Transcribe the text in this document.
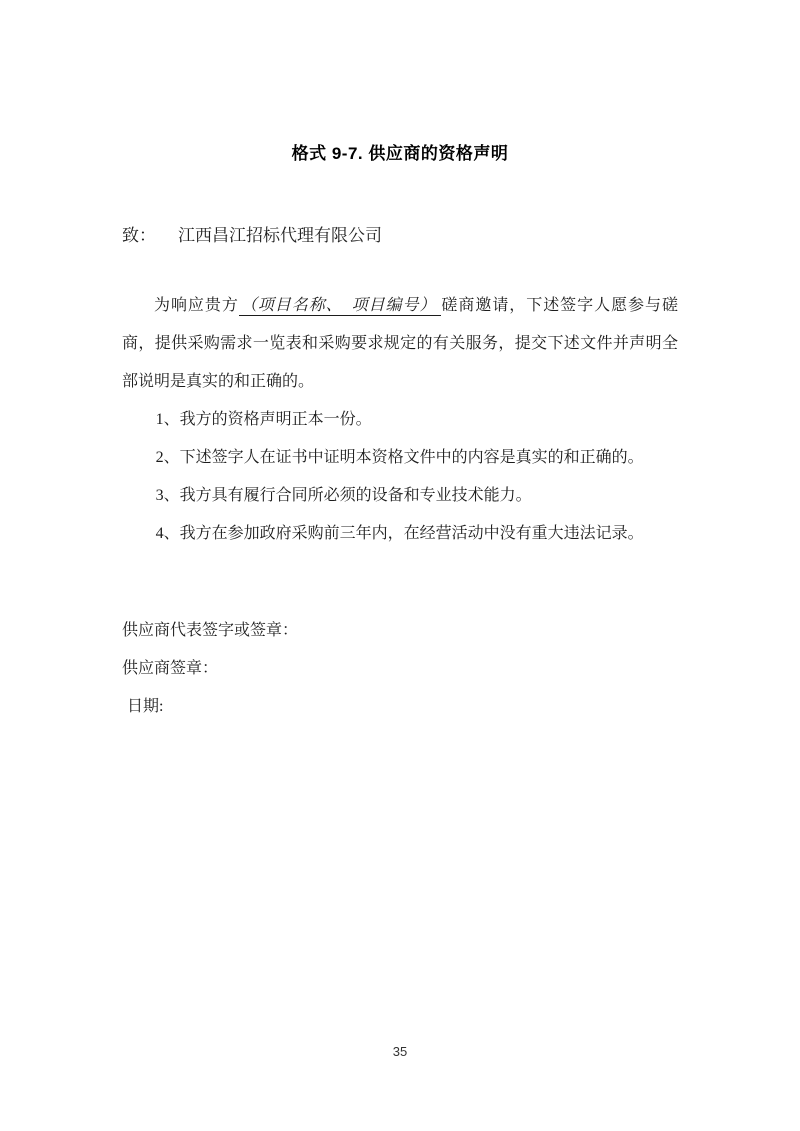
格式 9-7. 供应商的资格声明
致： 江西昌江招标代理有限公司

为响应贵方 （项目名称、　项目编号） 磋商邀请，下述签字人愿参与磋商，提供采购需求一览表和采购要求规定的有关服务，提交下述文件并声明全部说明是真实的和正确的。

1、我方的资格声明正本一份。

2、下述签字人在证书中证明本资格文件中的内容是真实的和正确的。

3、我方具有履行合同所必须的设备和专业技术能力。

4、我方在参加政府采购前三年内，在经营活动中没有重大违法记录。

供应商代表签字或签章：

供应商签章：

日期:

35
